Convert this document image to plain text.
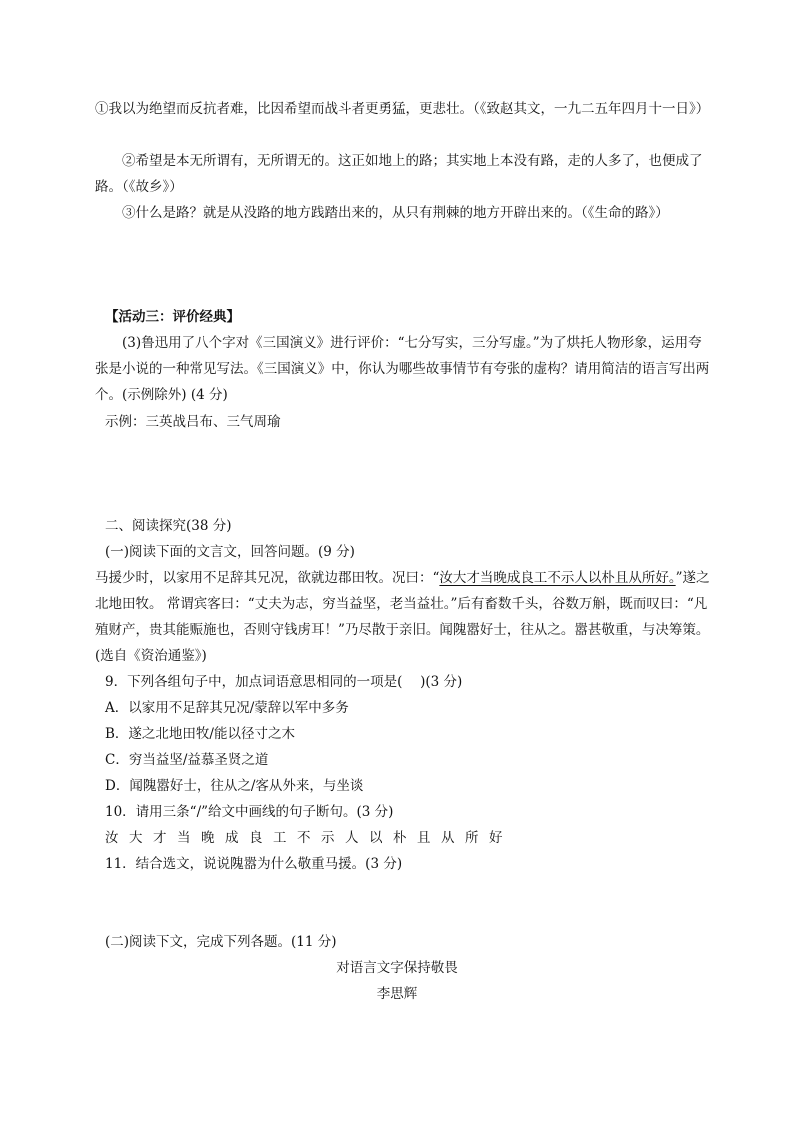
①我以为绝望而反抗者难，比因希望而战斗者更勇猛，更悲壮。（《致赵其文，一九二五年四月十一日》）

②希望是本无所谓有，无所谓无的。这正如地上的路；其实地上本没有路，走的人多了，也便成了路。（《故乡》）

③什么是路？就是从没路的地方践踏出来的，从只有荆棘的地方开辟出来的。（《生命的路》）

【活动三：评价经典】

(3)鲁迅用了八个字对《三国演义》进行评价：“七分写实，三分写虚。”为了烘托人物形象，运用夸张是小说的一种常见写法。《三国演义》中，你认为哪些故事情节有夸张的虚构？请用简洁的语言写出两个。(示例除外) (4 分)

示例：三英战吕布、三气周瑜

二、阅读探究(38 分)

(一)阅读下面的文言文，回答问题。(9 分)

马援少时，以家用不足辞其兄况，欲就边郡田牧。况曰：“汝大才当晚成良工不示人以朴且从所好。”遂之北地田牧。 常谓宾客曰：“丈夫为志，穷当益坚，老当益壮。”后有畜数千头，谷数万斛，既而叹曰：“凡殖财产，贵其能赈施也，否则守钱虏耳！”乃尽散于亲旧。闻隗嚣好士，往从之。嚣甚敬重，与决筹策。(选自《资治通鉴》)

9．下列各组句子中，加点词语意思相同的一项是(　 )(3 分)

A．以家用不足辞其兄况/蒙辞以军中多务

B．遂之北地田牧/能以径寸之木

C．穷当益坚/益慕圣贤之道

D．闻隗嚣好士，往从之/客从外来，与坐谈

10．请用三条“/”给文中画线的句子断句。(3 分)

汝大才当晚成良工不示人以朴且从所好

11．结合选文，说说隗嚣为什么敬重马援。(3 分)

(二)阅读下文，完成下列各题。(11 分)

对语言文字保持敬畏
李思辉
